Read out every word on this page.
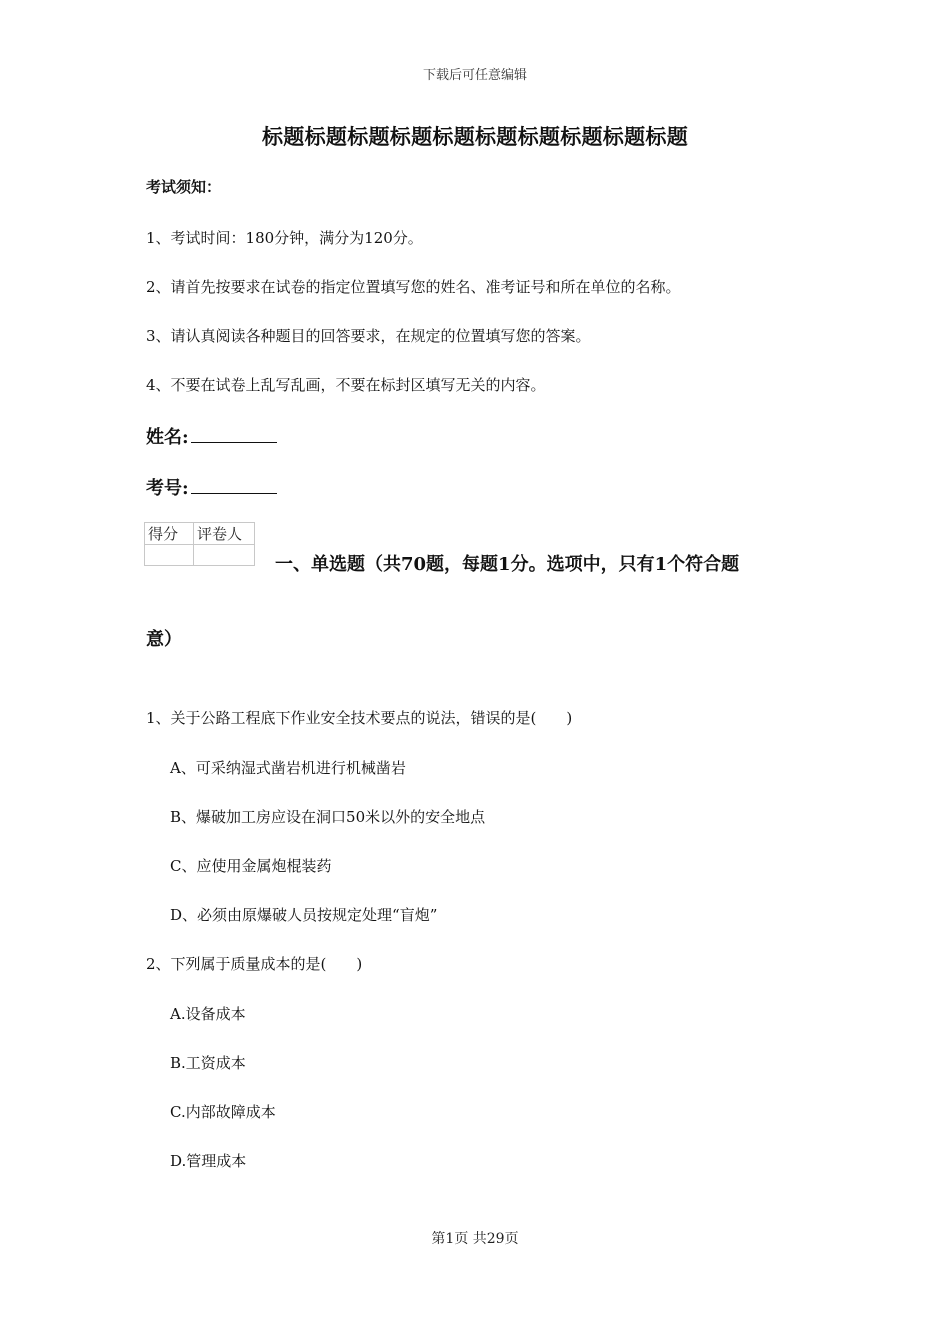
下载后可任意编辑
标题标题标题标题标题标题标题标题标题标题
考试须知：
1、考试时间：180分钟，满分为120分。
2、请首先按要求在试卷的指定位置填写您的姓名、准考证号和所在单位的名称。
3、请认真阅读各种题目的回答要求，在规定的位置填写您的答案。
4、不要在试卷上乱写乱画，不要在标封区填写无关的内容。
姓名:
考号:
得分	评卷人

一、单选题（共70题，每题1分。选项中，只有1个符合题
意）
1、关于公路工程底下作业安全技术要点的说法，错误的是(　　)
A、可采纳湿式凿岩机进行机械凿岩
B、爆破加工房应设在洞口50米以外的安全地点
C、应使用金属炮棍装药
D、必须由原爆破人员按规定处理“盲炮”
2、下列属于质量成本的是(　　)
A.设备成本
B.工资成本
C.内部故障成本
D.管理成本
第1页 共29页
